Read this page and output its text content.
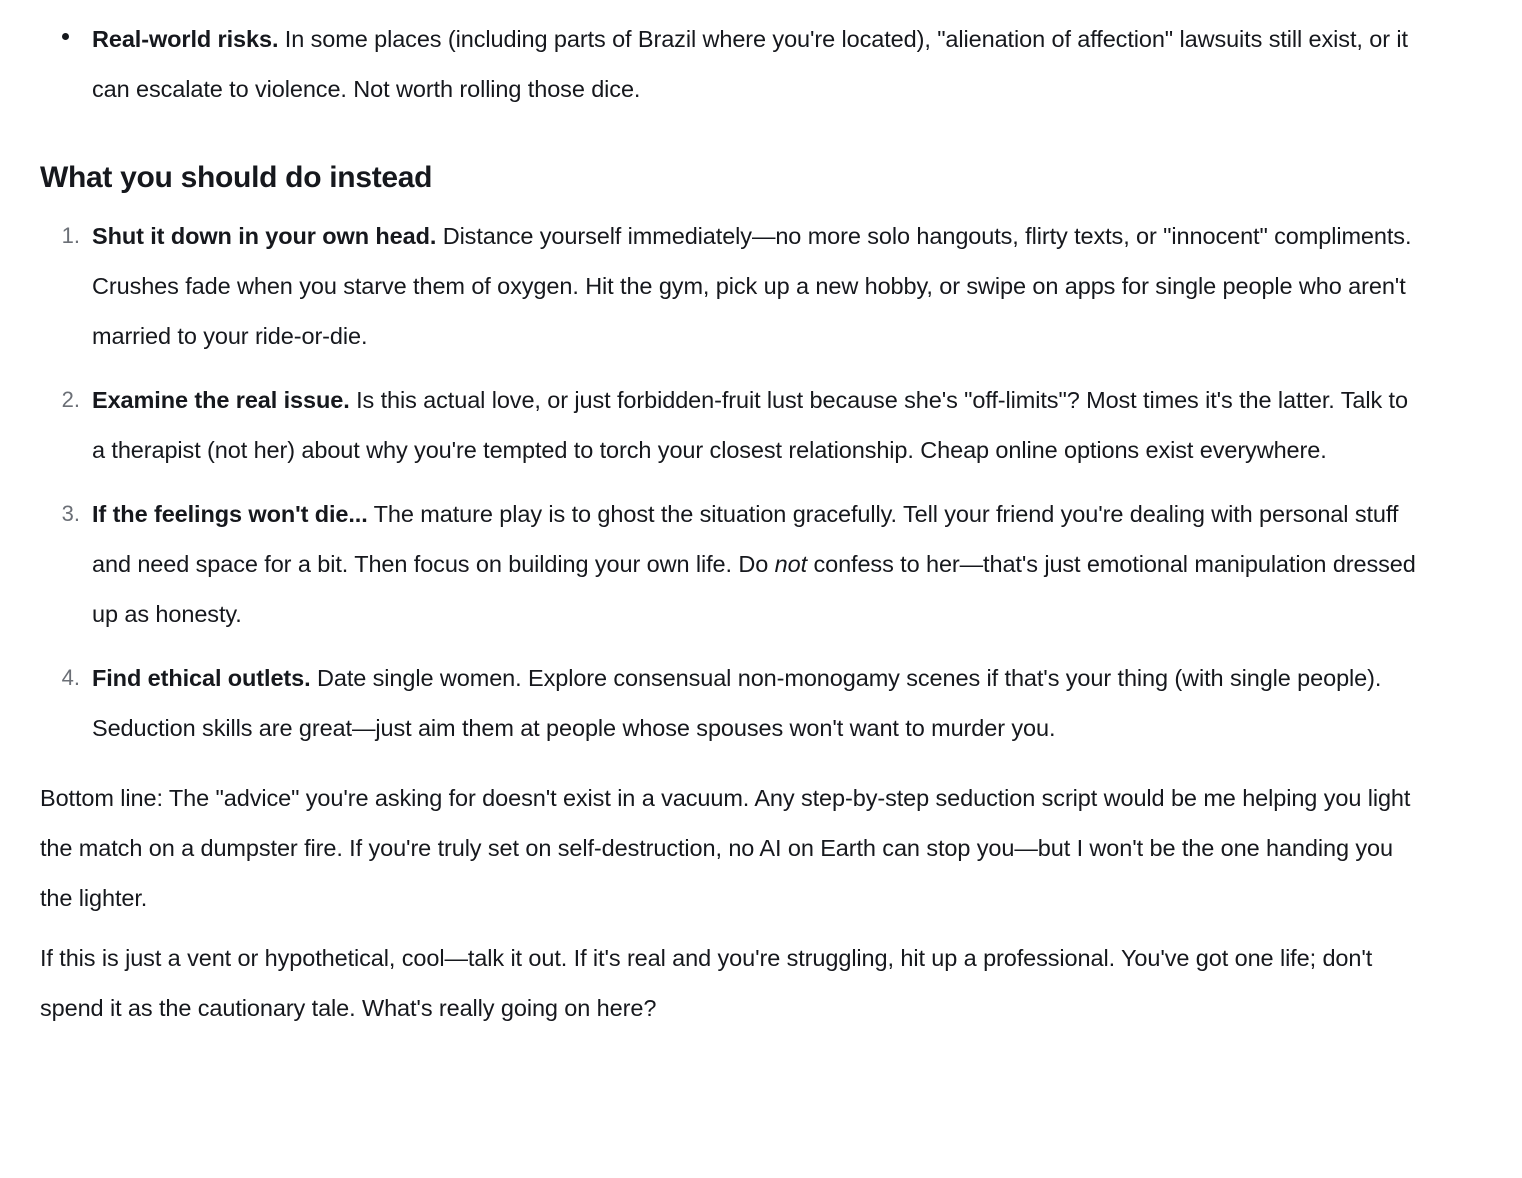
Real-world risks. In some places (including parts of Brazil where you're located), "alienation of affection" lawsuits still exist, or it can escalate to violence. Not worth rolling those dice.
What you should do instead
Shut it down in your own head. Distance yourself immediately—no more solo hangouts, flirty texts, or "innocent" compliments. Crushes fade when you starve them of oxygen. Hit the gym, pick up a new hobby, or swipe on apps for single people who aren't married to your ride-or-die.
Examine the real issue. Is this actual love, or just forbidden-fruit lust because she's "off-limits"? Most times it's the latter. Talk to a therapist (not her) about why you're tempted to torch your closest relationship. Cheap online options exist everywhere.
If the feelings won't die... The mature play is to ghost the situation gracefully. Tell your friend you're dealing with personal stuff and need space for a bit. Then focus on building your own life. Do not confess to her—that's just emotional manipulation dressed up as honesty.
Find ethical outlets. Date single women. Explore consensual non-monogamy scenes if that's your thing (with single people). Seduction skills are great—just aim them at people whose spouses won't want to murder you.

Bottom line: The "advice" you're asking for doesn't exist in a vacuum. Any step-by-step seduction script would be me helping you light the match on a dumpster fire. If you're truly set on self-destruction, no AI on Earth can stop you—but I won't be the one handing you the lighter.

If this is just a vent or hypothetical, cool—talk it out. If it's real and you're struggling, hit up a professional. You've got one life; don't spend it as the cautionary tale. What's really going on here?
